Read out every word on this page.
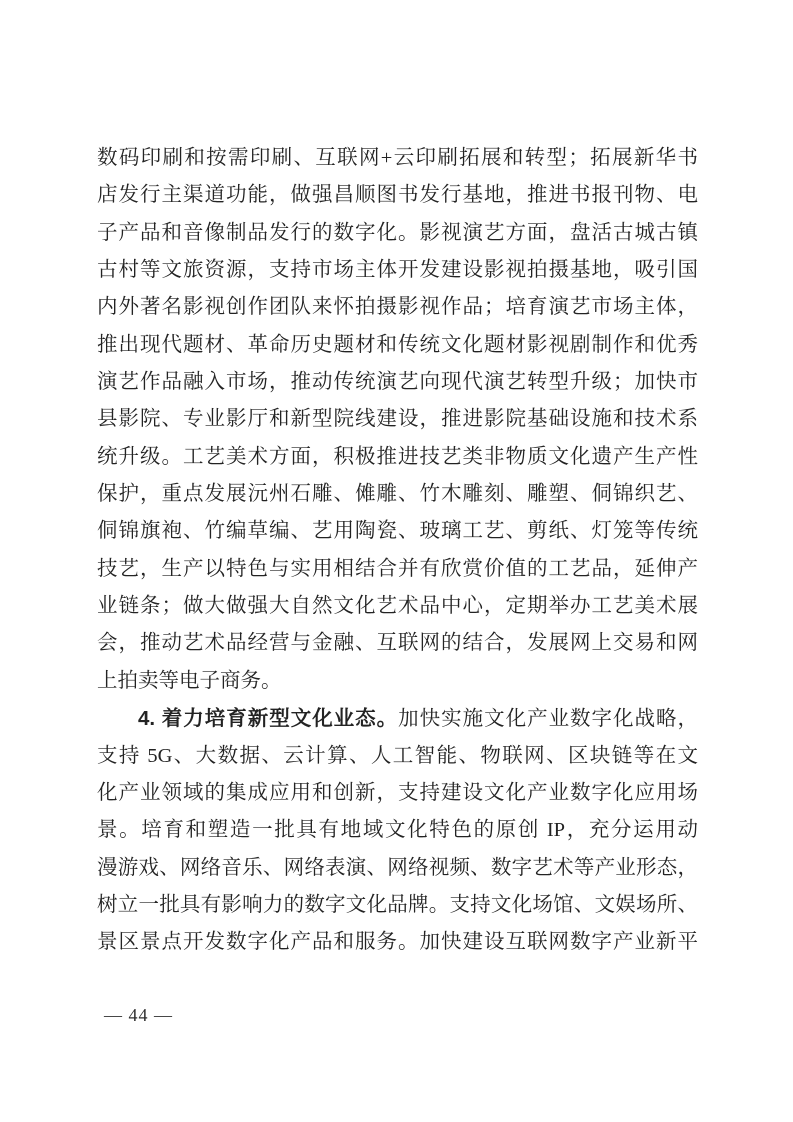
数码印刷和按需印刷、互联网+云印刷拓展和转型；拓展新华书
店发行主渠道功能，做强昌顺图书发行基地，推进书报刊物、电
子产品和音像制品发行的数字化。影视演艺方面，盘活古城古镇
古村等文旅资源，支持市场主体开发建设影视拍摄基地，吸引国
内外著名影视创作团队来怀拍摄影视作品；培育演艺市场主体，
推出现代题材、革命历史题材和传统文化题材影视剧制作和优秀
演艺作品融入市场，推动传统演艺向现代演艺转型升级；加快市
县影院、专业影厅和新型院线建设，推进影院基础设施和技术系
统升级。工艺美术方面，积极推进技艺类非物质文化遗产生产性
保护，重点发展沅州石雕、傩雕、竹木雕刻、雕塑、侗锦织艺、
侗锦旗袍、竹编草编、艺用陶瓷、玻璃工艺、剪纸、灯笼等传统
技艺，生产以特色与实用相结合并有欣赏价值的工艺品，延伸产
业链条；做大做强大自然文化艺术品中心，定期举办工艺美术展
会，推动艺术品经营与金融、互联网的结合，发展网上交易和网
上拍卖等电子商务。
4. 着力培育新型文化业态。加快实施文化产业数字化战略，
支持 5G、大数据、云计算、人工智能、物联网、区块链等在文
化产业领域的集成应用和创新，支持建设文化产业数字化应用场
景。培育和塑造一批具有地域文化特色的原创 IP，充分运用动
漫游戏、网络音乐、网络表演、网络视频、数字艺术等产业形态，
树立一批具有影响力的数字文化品牌。支持文化场馆、文娱场所、
景区景点开发数字化产品和服务。加快建设互联网数字产业新平
— 44 —
